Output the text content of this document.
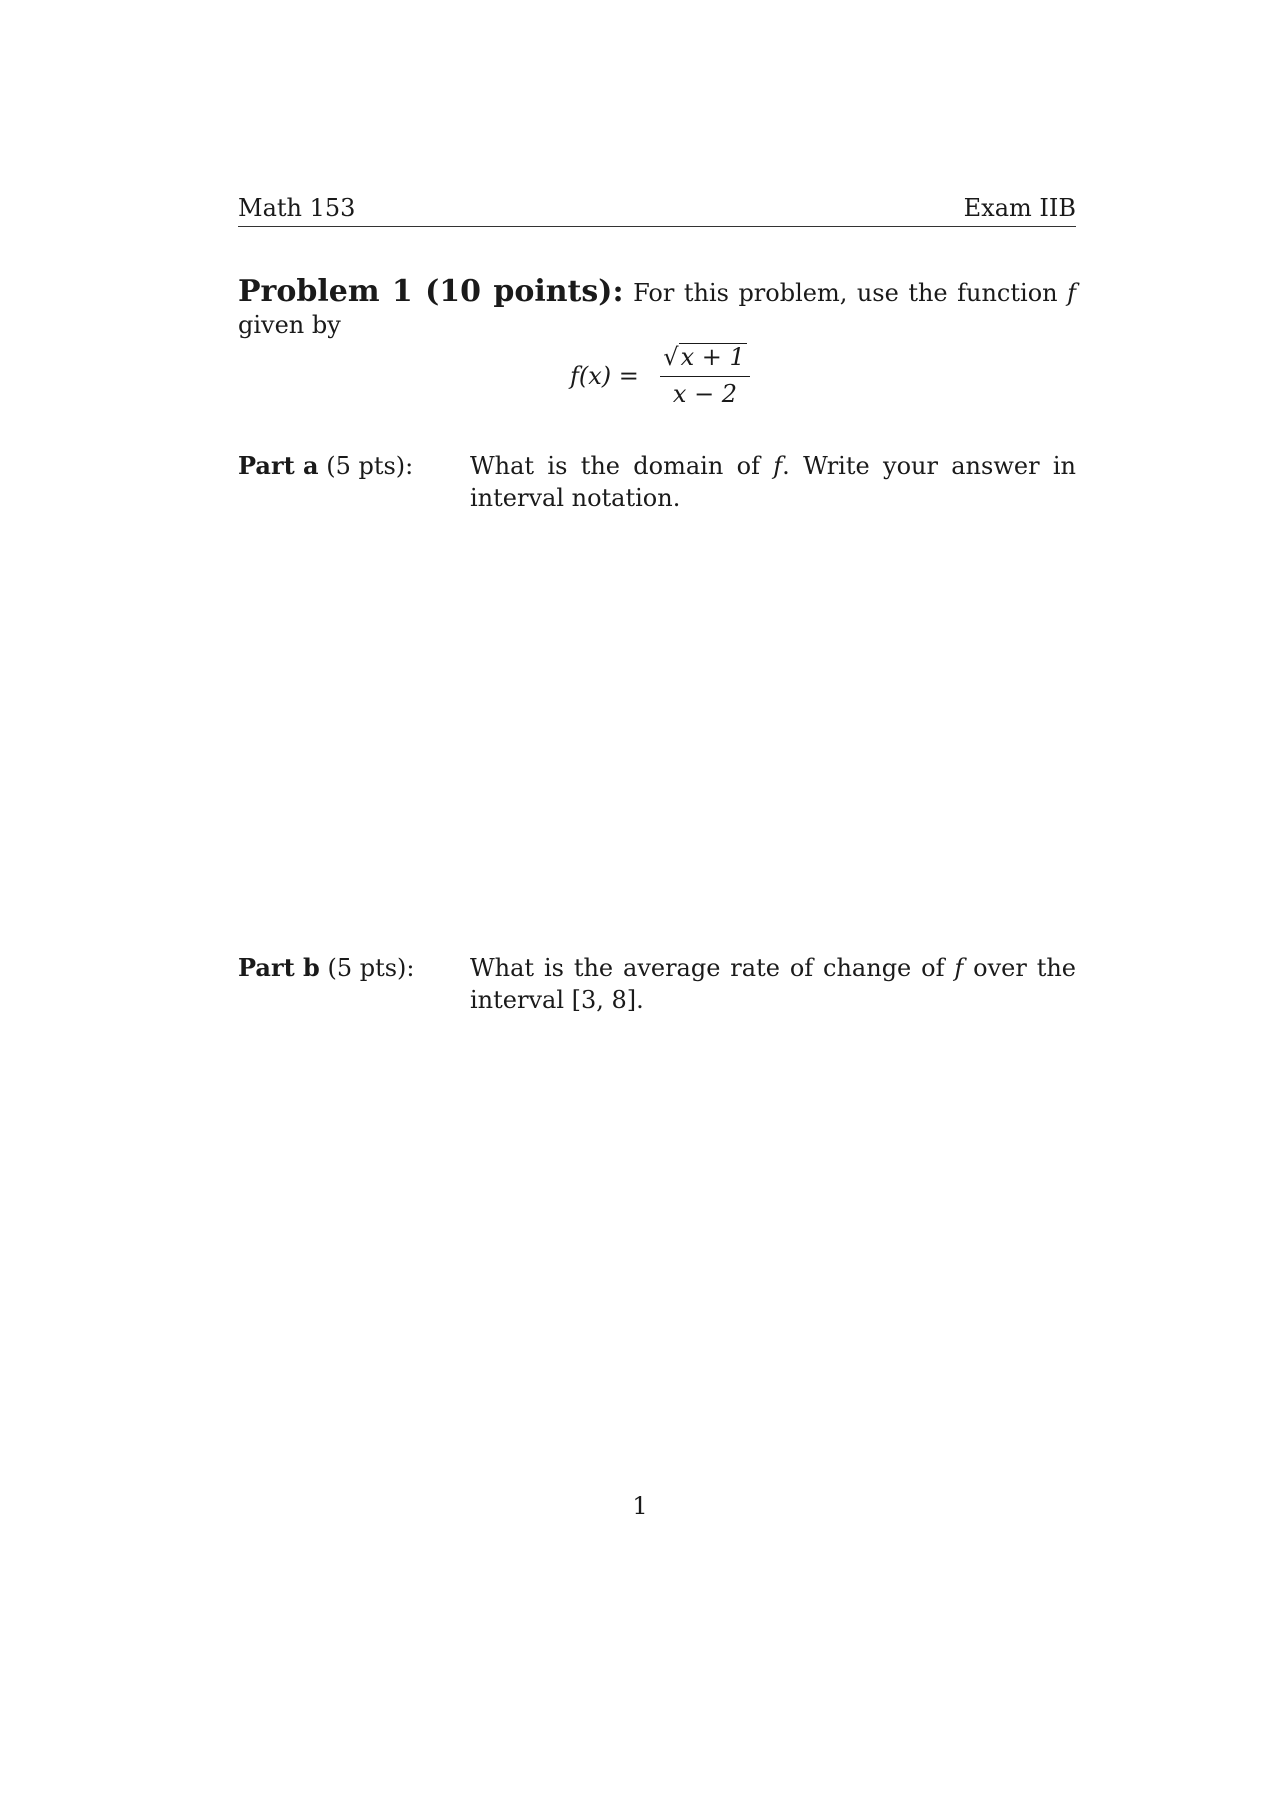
Math 153	Exam IIB
Problem 1 (10 points): For this problem, use the function f given by
f(x) =
√x + 1
x − 2
Part a (5 pts):	What is the domain of f. Write your answer in interval notation.
Part b (5 pts):	What is the average rate of change of f over the interval [3, 8].
1
